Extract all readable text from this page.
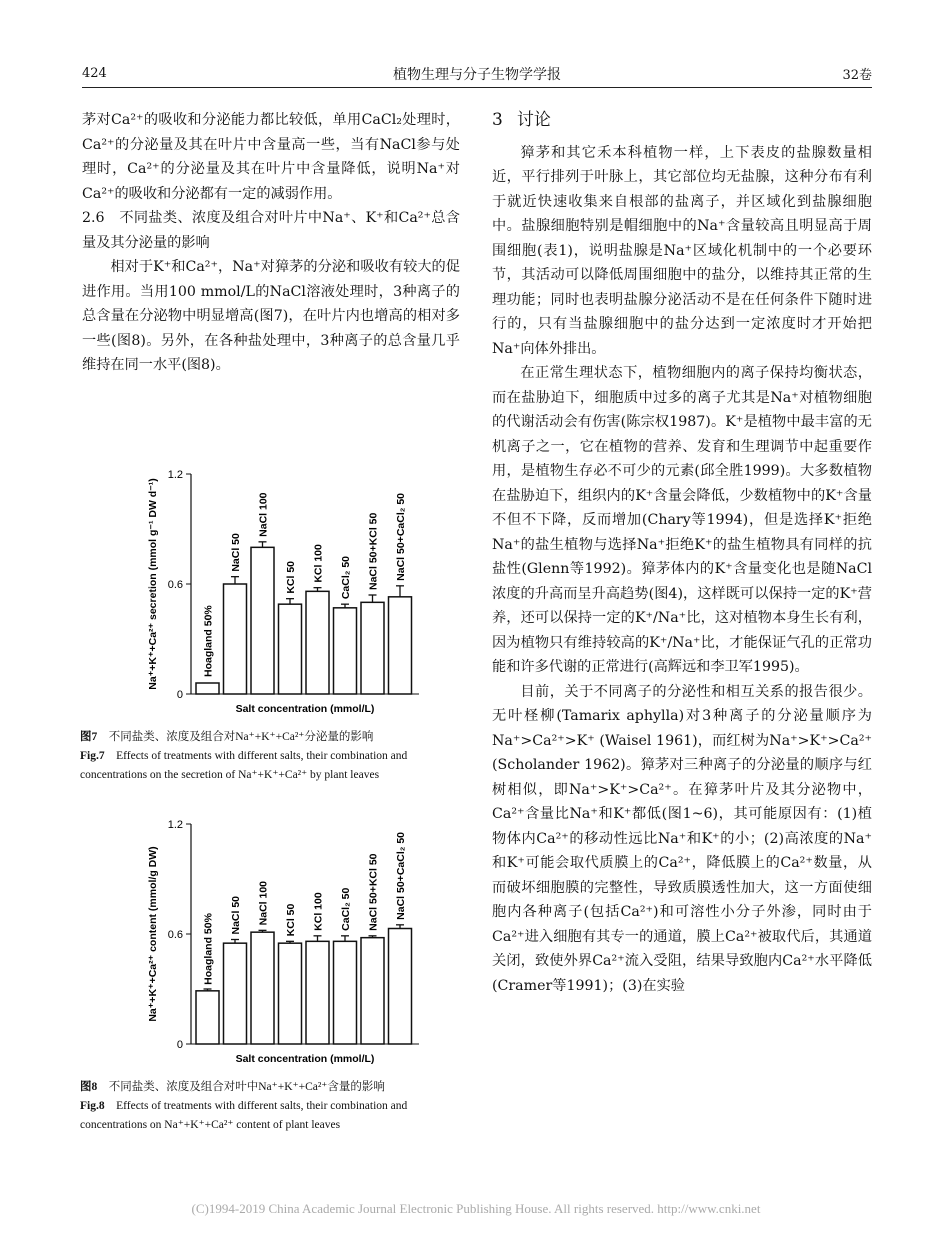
424	植物生理与分子生物学学报	32卷

茅对Ca²⁺的吸收和分泌能力都比较低，单用CaCl₂处理时，Ca²⁺的分泌量及其在叶片中含量高一些，当有NaCl参与处理时，Ca²⁺的分泌量及其在叶片中含量降低，说明Na⁺对Ca²⁺的吸收和分泌都有一定的减弱作用。

2.6　不同盐类、浓度及组合对叶片中Na⁺、K⁺和Ca²⁺总含量及其分泌量的影响

相对于K⁺和Ca²⁺，Na⁺对獐茅的分泌和吸收有较大的促进作用。当用100 mmol/L的NaCl溶液处理时，3种离子的总含量在分泌物中明显增高(图7)，在叶片内也增高的相对多一些(图8)。另外，在各种盐处理中，3种离子的总含量几乎维持在同一水平(图8)。

0
0.6
1.2
Na⁺+K⁺+Ca²⁺ secretion (mmol g⁻¹ DW d⁻¹)	Hoagland 50%
NaCl 50
NaCl 100
KCl 50 KCl 100 CaCl₂ 50 NaCl 50+KCl 50 NaCl 50+CaCl₂ 50
Salt concentration (mmol/L)
图7　 不同盐类、浓度及组合对Na⁺+K⁺+Ca²⁺分泌量的影响
Fig.7　 Effects of treatments with different salts, their combination and concentrations on the secretion of Na⁺+K⁺+Ca²⁺ by plant leaves
0
0.6
1.2
Na⁺+K⁺+Ca²⁺ content (mmol/g DW)	Hoagland 50% NaCl 50 NaCl 100 KCl 50 KCl 100 CaCl₂ 50 NaCl 50+KCl 50 NaCl 50+CaCl₂ 50
Salt concentration (mmol/L)
图8　 不同盐类、浓度及组合对叶中Na⁺+K⁺+Ca²⁺含量的影响
Fig.8　 Effects of treatments with different salts, their combination and concentrations on Na⁺+K⁺+Ca²⁺ content of plant leaves
3 讨论

獐茅和其它禾本科植物一样，上下表皮的盐腺数量相近，平行排列于叶脉上，其它部位均无盐腺，这种分布有利于就近快速收集来自根部的盐离子，并区域化到盐腺细胞中。盐腺细胞特别是帽细胞中的Na⁺含量较高且明显高于周围细胞(表1)，说明盐腺是Na⁺区域化机制中的一个必要环节，其活动可以降低周围细胞中的盐分，以维持其正常的生理功能；同时也表明盐腺分泌活动不是在任何条件下随时进行的，只有当盐腺细胞中的盐分达到一定浓度时才开始把Na⁺向体外排出。

在正常生理状态下，植物细胞内的离子保持均衡状态，而在盐胁迫下，细胞质中过多的离子尤其是Na⁺对植物细胞的代谢活动会有伤害(陈宗权1987)。K⁺是植物中最丰富的无机离子之一，它在植物的营养、发育和生理调节中起重要作用，是植物生存必不可少的元素(邱全胜1999)。大多数植物在盐胁迫下，组织内的K⁺含量会降低，少数植物中的K⁺含量不但不下降，反而增加(Chary等1994)，但是选择K⁺拒绝Na⁺的盐生植物与选择Na⁺拒绝K⁺的盐生植物具有同样的抗盐性(Glenn等1992)。獐茅体内的K⁺含量变化也是随NaCl浓度的升高而呈升高趋势(图4)，这样既可以保持一定的K⁺营养，还可以保持一定的K⁺/Na⁺比，这对植物本身生长有利，因为植物只有维持较高的K⁺/Na⁺比，才能保证气孔的正常功能和许多代谢的正常进行(高辉远和李卫军1995)。

目前，关于不同离子的分泌性和相互关系的报告很少。无叶柽柳(Tamarix aphylla)对3种离子的分泌量顺序为Na⁺>Ca²⁺>K⁺ (Waisel 1961)，而红树为Na⁺>K⁺>Ca²⁺ (Scholander 1962)。獐茅对三种离子的分泌量的顺序与红树相似，即Na⁺>K⁺>Ca²⁺。在獐茅叶片及其分泌物中，Ca²⁺含量比Na⁺和K⁺都低(图1~6)，其可能原因有：(1)植物体内Ca²⁺的移动性远比Na⁺和K⁺的小；(2)高浓度的Na⁺和K⁺可能会取代质膜上的Ca²⁺，降低膜上的Ca²⁺数量，从而破坏细胞膜的完整性，导致质膜透性加大，这一方面使细胞内各种离子(包括Ca²⁺)和可溶性小分子外渗，同时由于Ca²⁺进入细胞有其专一的通道，膜上Ca²⁺被取代后，其通道关闭，致使外界Ca²⁺流入受阻，结果导致胞内Ca²⁺水平降低(Cramer等1991)；(3)在实验

(C)1994-2019 China Academic Journal Electronic Publishing House. All rights reserved. http://www.cnki.net
